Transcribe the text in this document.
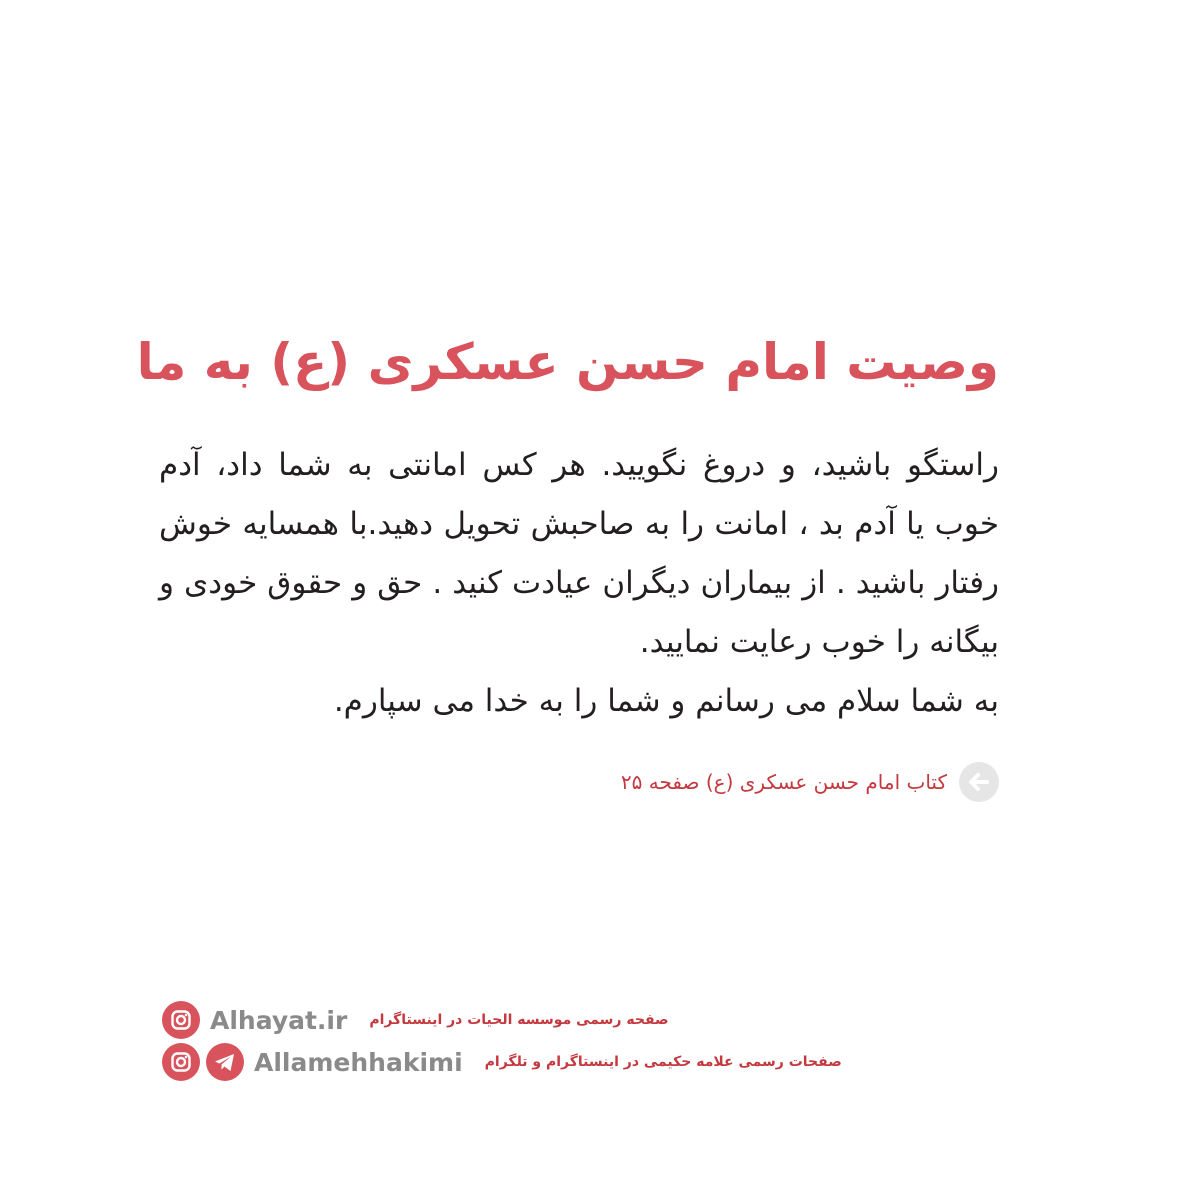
وصیت امام حسن عسکری (ع) به ما

راستگو باشید، و دروغ نگویید. هر کس امانتی به شما داد، آدم خوب یا آدم بد ، امانت را به صاحبش تحویل دهید.با همسایه خوش رفتار باشید . از بیماران دیگران عیادت کنید . حق و حقوق خودی و بیگانه را خوب رعایت نمایید.

به شما سلام می رسانم و شما را به خدا می سپارم.

کتاب امام حسن عسکری (ع) صفحه ۲۵
Alhayat.ir صفحه رسمی موسسه الحیات در اینستاگرام
Allamehhakimi صفحات رسمی علامه حکیمی در اینستاگرام و تلگرام
